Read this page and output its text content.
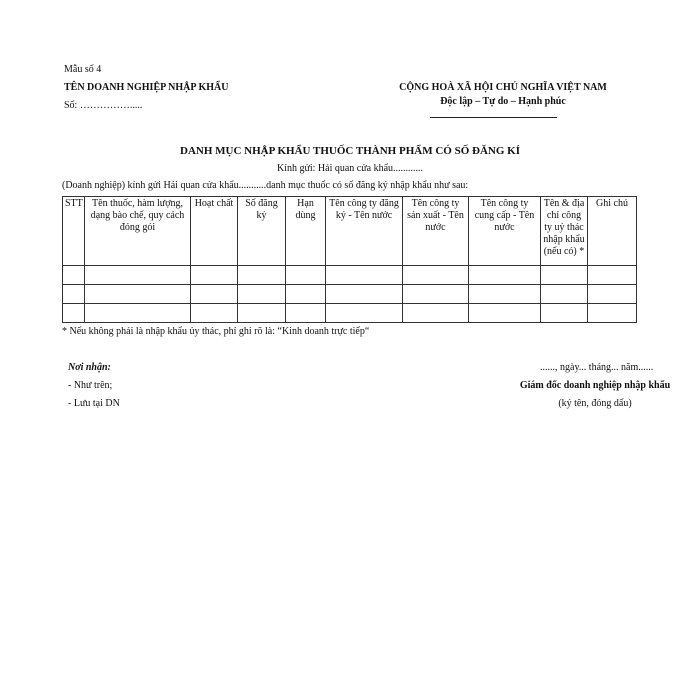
Mẫu số 4
TÊN DOANH NGHIỆP NHẬP KHẨU
Số: …………….....‌
CỘNG HOÀ XÃ HỘI CHỦ NGHĨA VIỆT NAM
Độc lập – Tự do – Hạnh phúc
DANH MỤC NHẬP KHẨU THUỐC THÀNH PHẨM CÓ SỐ ĐĂNG KÍ
Kính gửi: Hải quan cửa khẩu............
(Doanh nghiệp) kính gửi Hải quan cửa khẩu...........danh mục thuốc có số đăng ký nhập khẩu như sau:
STT	Tên thuốc, hàm lượng, dạng bào chế, quy cách đóng gói	Hoạt chất	Số đăng ký	Hạn dùng	Tên công ty đăng ký - Tên nước	Tên công ty sản xuất - Tên nước	Tên công ty cung cấp - Tên nước	Tên & địa chỉ công ty uỷ thác nhập khẩu (nếu có) *	Ghi chú

* Nếu không phải là nhập khẩu ủy thác, phỉ ghi rõ là: “Kinh doanh trực tiếp“
Nơi nhận:
- Như trên;
- Lưu tại DN
......, ngày... tháng... năm......
Giám đốc doanh nghiệp nhập khẩu
(ký tên, đóng dấu)
